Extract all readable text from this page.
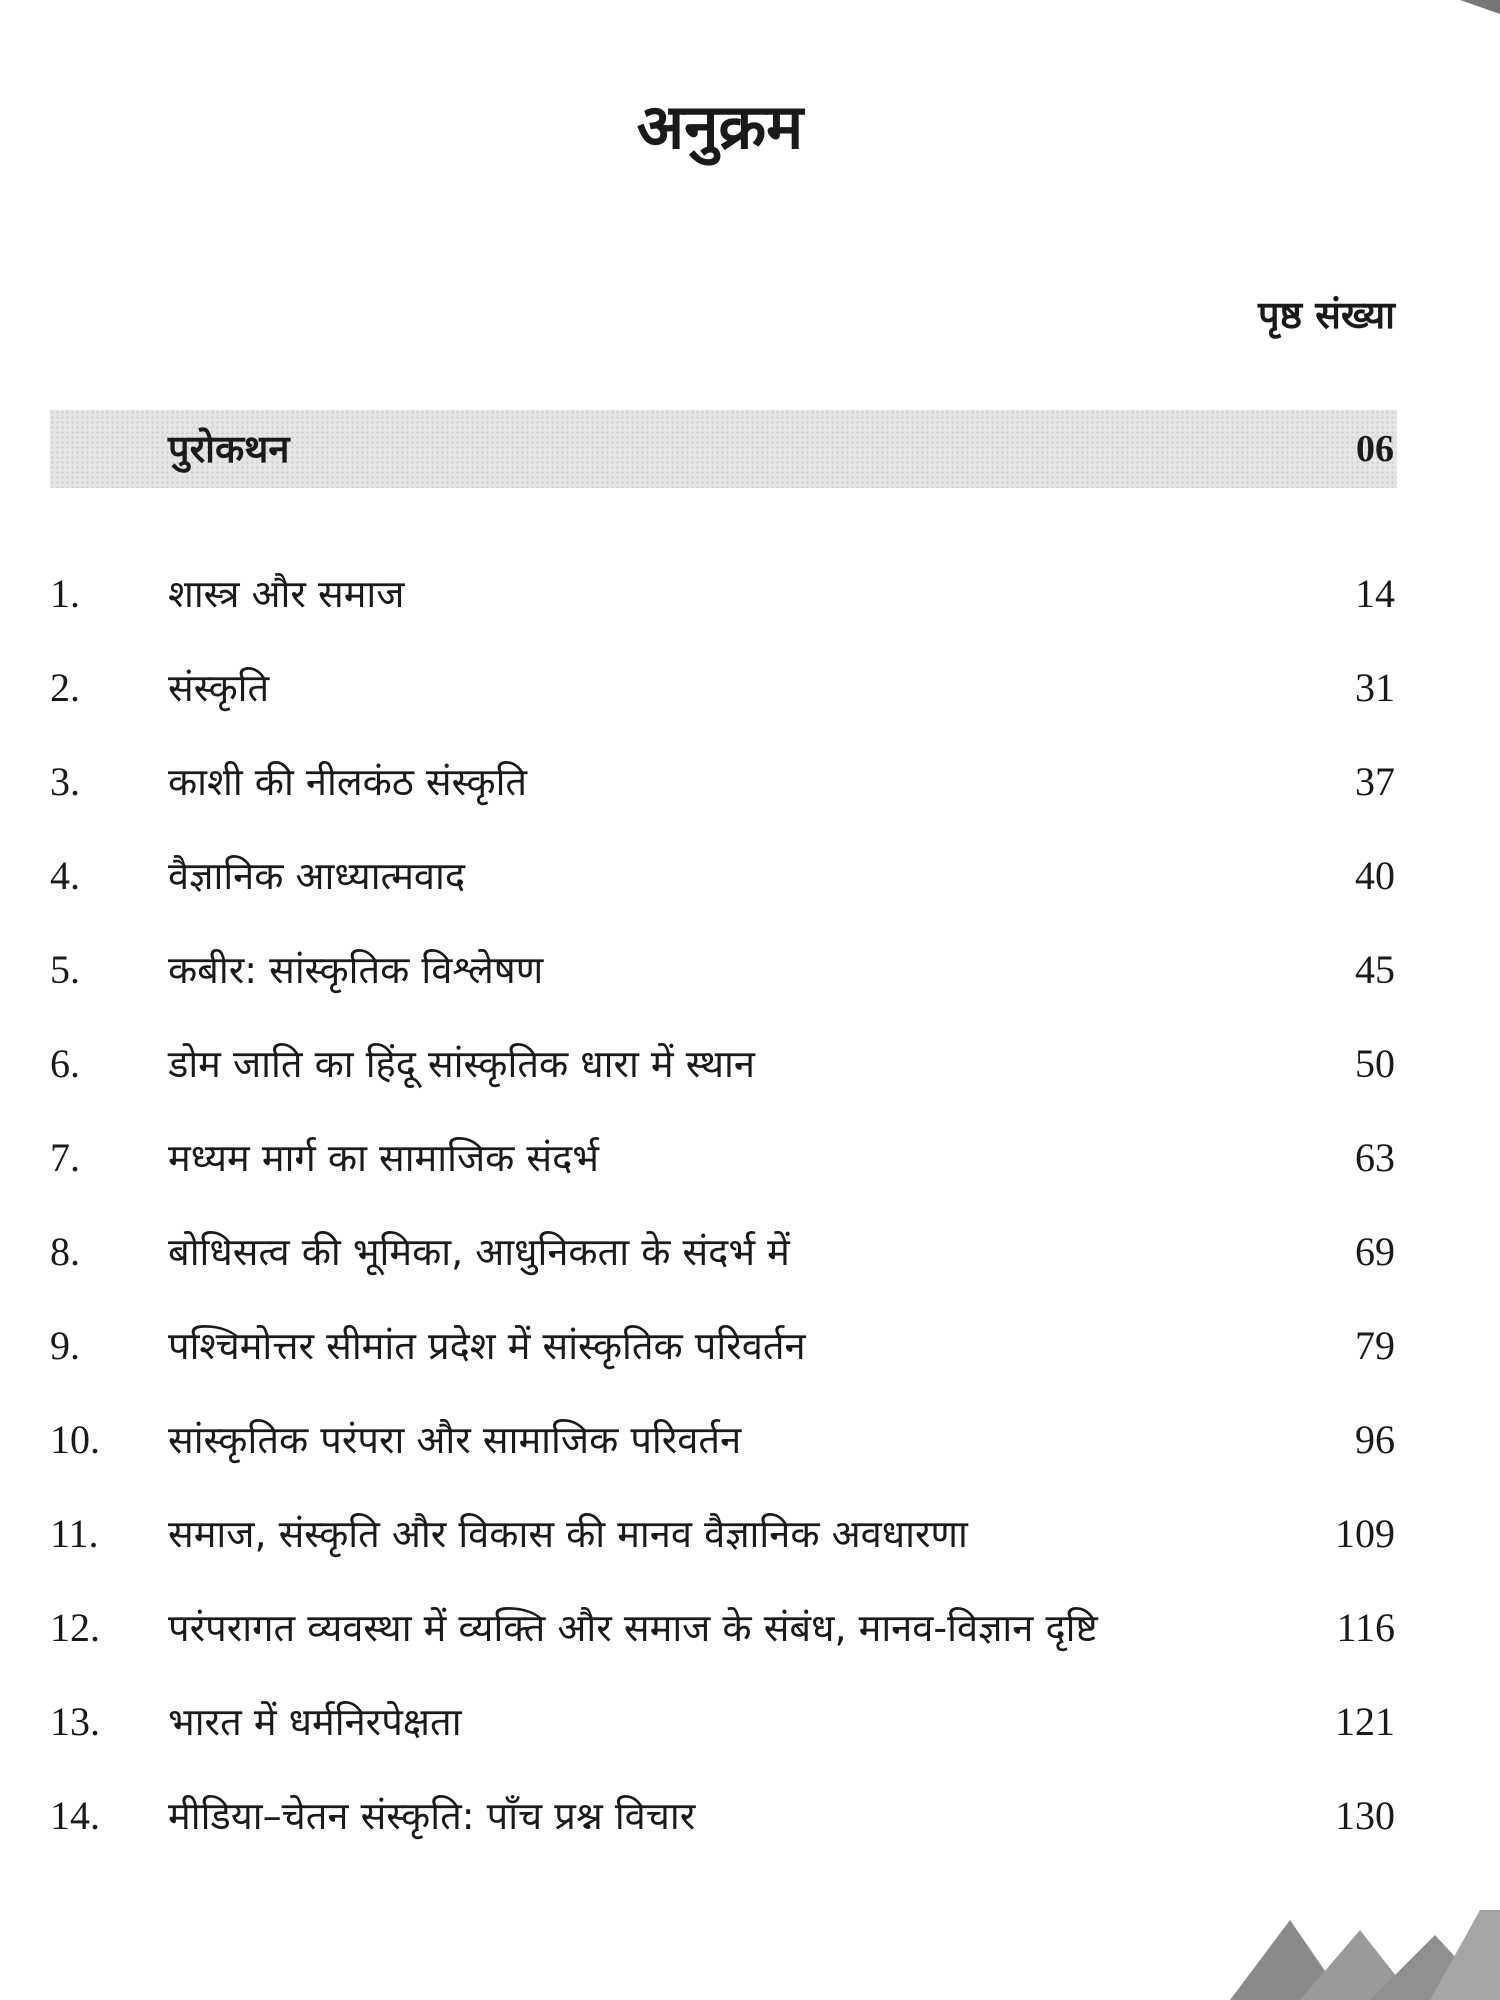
अनुक्रम
पृष्ठ संख्या
पुरोकथन	06
1. शास्त्र और समाज	14
2. संस्कृति	31
3. काशी की नीलकंठ संस्कृति	37
4. वैज्ञानिक आध्यात्मवाद	40
5. कबीर: सांस्कृतिक विश्लेषण	45
6. डोम जाति का हिंदू सांस्कृतिक धारा में स्थान	50
7. मध्यम मार्ग का सामाजिक संदर्भ	63
8. बोधिसत्व की भूमिका, आधुनिकता के संदर्भ में	69
9. पश्चिमोत्तर सीमांत प्रदेश में सांस्कृतिक परिवर्तन	79
10. सांस्कृतिक परंपरा और सामाजिक परिवर्तन	96
11. समाज, संस्कृति और विकास की मानव वैज्ञानिक अवधारणा	109
12. परंपरागत व्यवस्था में व्यक्ति और समाज के संबंध, मानव-विज्ञान दृष्टि	116
13. भारत में धर्मनिरपेक्षता	121
14. मीडिया–चेतन संस्कृति: पाँच प्रश्न विचार	130
